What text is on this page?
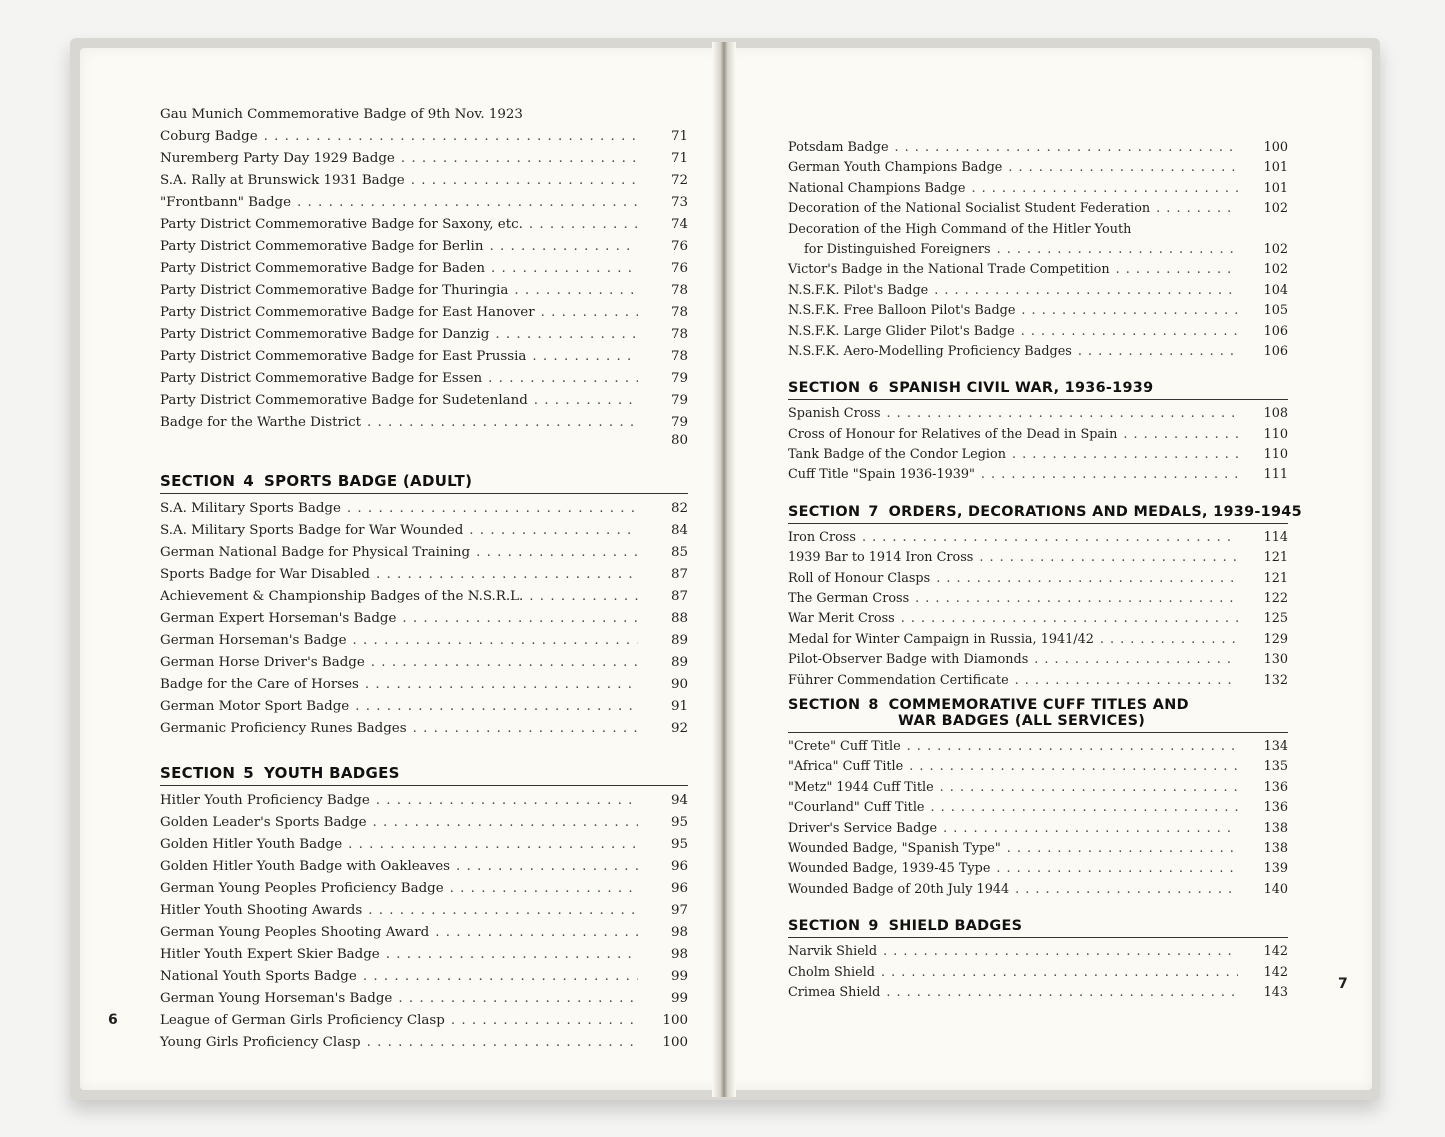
Gau Munich Commemorative Badge of 9th Nov. 1923
Coburg Badge . . .	71
Nuremberg Party Day 1929 Badge . . .	71
S.A. Rally at Brunswick 1931 Badge . . .	72
"Frontbann" Badge . . .	73
Party District Commemorative Badge for Saxony, etc. . . .	74
Party District Commemorative Badge for Berlin . . .	76
Party District Commemorative Badge for Baden . . .	76
Party District Commemorative Badge for Thuringia . . .	78
Party District Commemorative Badge for East Hanover . . .	78
Party District Commemorative Badge for Danzig . . .	78
Party District Commemorative Badge for East Prussia . . .	78
Party District Commemorative Badge for Essen . . .	79
Party District Commemorative Badge for Sudetenland . . .	79
Badge for the Warthe District . . .	79
80
SECTION 4 SPORTS BADGE (ADULT)
S.A. Military Sports Badge . . .	82
S.A. Military Sports Badge for War Wounded . . .	84
German National Badge for Physical Training . . .	85
Sports Badge for War Disabled . . .	87
Achievement & Championship Badges of the N.S.R.L. . . .	87
German Expert Horseman's Badge . . .	88
German Horseman's Badge . . .	89
German Horse Driver's Badge . . .	89
Badge for the Care of Horses . . .	90
German Motor Sport Badge . . .	91
Germanic Proficiency Runes Badges . . .	92
SECTION 5 YOUTH BADGES
Hitler Youth Proficiency Badge . . .	94
Golden Leader's Sports Badge . . .	95
Golden Hitler Youth Badge . . .	95
Golden Hitler Youth Badge with Oakleaves . . .	96
German Young Peoples Proficiency Badge . . .	96
Hitler Youth Shooting Awards . . .	97
German Young Peoples Shooting Award . . .	98
Hitler Youth Expert Skier Badge . . .	98
National Youth Sports Badge . . .	99
German Young Horseman's Badge . . .	99
League of German Girls Proficiency Clasp . . .	100
Young Girls Proficiency Clasp . . .	100
Potsdam Badge . . .	100
German Youth Champions Badge . . .	101
National Champions Badge . . .	101
Decoration of the National Socialist Student Federation . . .	102
Decoration of the High Command of the Hitler Youth
for Distinguished Foreigners . . .	102
Victor's Badge in the National Trade Competition . . .	102
N.S.F.K. Pilot's Badge . . .	104
N.S.F.K. Free Balloon Pilot's Badge . . .	105
N.S.F.K. Large Glider Pilot's Badge . . .	106
N.S.F.K. Aero-Modelling Proficiency Badges . . .	106
SECTION 6 SPANISH CIVIL WAR, 1936-1939
Spanish Cross . . .	108
Cross of Honour for Relatives of the Dead in Spain . . .	110
Tank Badge of the Condor Legion . . .	110
Cuff Title "Spain 1936-1939" . . .	111
SECTION 7 ORDERS, DECORATIONS AND MEDALS, 1939-1945
Iron Cross . . .	114
1939 Bar to 1914 Iron Cross . . .	121
Roll of Honour Clasps . . .	121
The German Cross . . .	122
War Merit Cross . . .	125
Medal for Winter Campaign in Russia, 1941/42 . . .	129
Pilot-Observer Badge with Diamonds . . .	130
Führer Commendation Certificate . . .	132
SECTION 8 COMMEMORATIVE CUFF TITLES AND
WAR BADGES (ALL SERVICES)
"Crete" Cuff Title . . .	134
"Africa" Cuff Title . . .	135
"Metz" 1944 Cuff Title . . .	136
"Courland" Cuff Title . . .	136
Driver's Service Badge . . .	138
Wounded Badge, "Spanish Type" . . .	138
Wounded Badge, 1939-45 Type . . .	139
Wounded Badge of 20th July 1944 . . .	140
SECTION 9 SHIELD BADGES
Narvik Shield . . .	142
Cholm Shield . . .	142
Crimea Shield . . .	143
6
7
